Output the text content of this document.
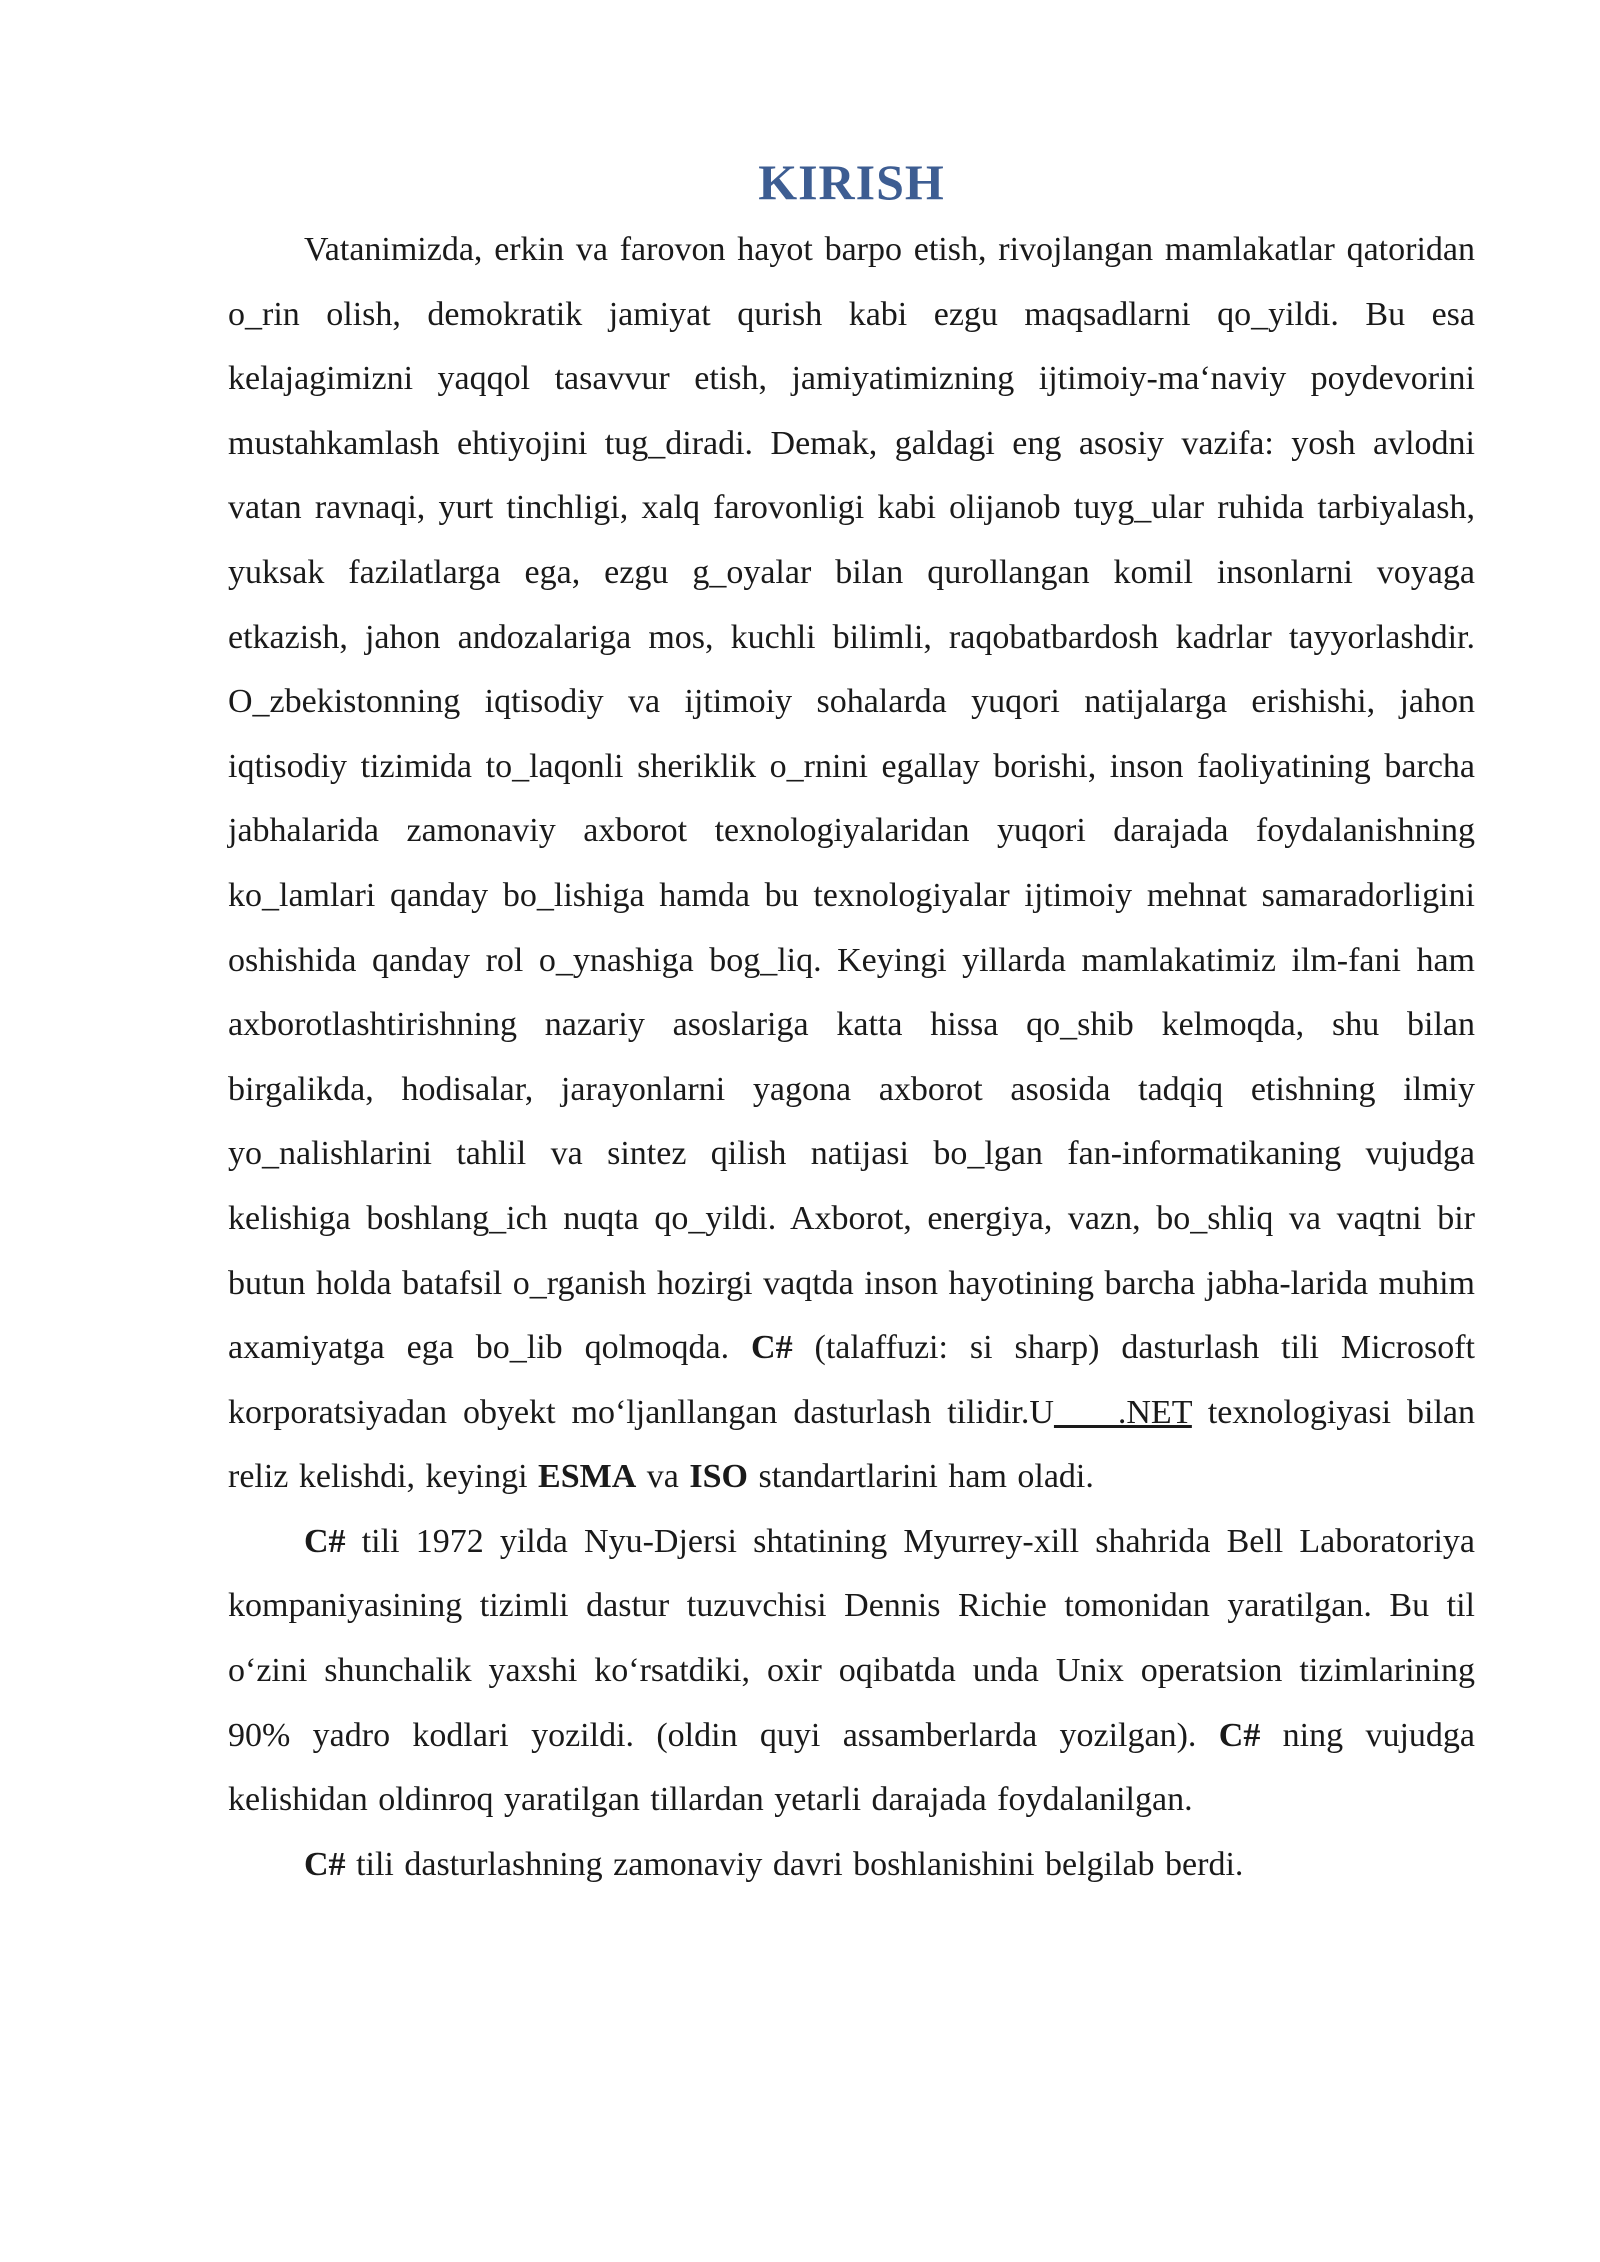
KIRISH

Vatanimizda, erkin va farovon hayot barpo etish, rivojlangan mamlakatlar qatoridan o_rin olish, demokratik jamiyat qurish kabi ezgu maqsadlarni qo_yildi. Bu esa kelajagimizni yaqqol tasavvur etish, jamiyatimizning ijtimoiy-ma‘naviy poydevorini mustahkamlash ehtiyojini tug_diradi. Demak, galdagi eng asosiy vazifa: yosh avlodni vatan ravnaqi, yurt tinchligi, xalq farovonligi kabi olijanob tuyg_ular ruhida tarbiyalash, yuksak fazilatlarga ega, ezgu g_oyalar bilan qurollangan komil insonlarni voyaga etkazish, jahon andozalariga mos, kuchli bilimli, raqobatbardosh kadrlar tayyorlashdir. O_zbekistonning iqtisodiy va ijtimoiy sohalarda yuqori natijalarga erishishi, jahon iqtisodiy tizimida to_laqonli sheriklik o_rnini egallay borishi, inson faoliyatining barcha jabhalarida zamonaviy axborot texnologiyalaridan yuqori darajada foydalanishning ko_lamlari qanday bo_lishiga hamda bu texnologiyalar ijtimoiy mehnat samaradorligini oshishida qanday rol o_ynashiga bog_liq. Keyingi yillarda mamlakatimiz ilm-fani ham axborotlashtirishning nazariy asoslariga katta hissa qo_shib kelmoqda, shu bilan birgalikda, hodisalar, jarayonlarni yagona axborot asosida tadqiq etishning ilmiy yo_nalishlarini tahlil va sintez qilish natijasi bo_lgan fan-informatikaning vujudga kelishiga boshlang_ich nuqta qo_yildi. Axborot, energiya, vazn, bo_shliq va vaqtni bir butun holda batafsil o_rganish hozirgi vaqtda inson hayotining barcha jabha-larida muhim axamiyatga ega bo_lib qolmoqda. C# (talaffuzi: si sharp) dasturlash tili Microsoft korporatsiyadan obyekt mo‘ljanllangan dasturlash tilidir.U    .NET texnologiyasi bilan reliz kelishdi, keyingi ESMA va ISO standartlarini ham oladi.

C# tili 1972 yilda Nyu-Djersi shtatining Myurrey-xill shahrida Bell Laboratoriya kompaniyasining tizimli dastur tuzuvchisi Dennis Richie tomonidan yaratilgan. Bu til o‘zini shunchalik yaxshi ko‘rsatdiki, oxir oqibatda unda Unix operatsion tizimlarining 90% yadro kodlari yozildi. (oldin quyi assamberlarda yozilgan). C# ning vujudga kelishidan oldinroq yaratilgan tillardan yetarli darajada foydalanilgan.

C# tili dasturlashning zamonaviy davri boshlanishini belgilab berdi.
